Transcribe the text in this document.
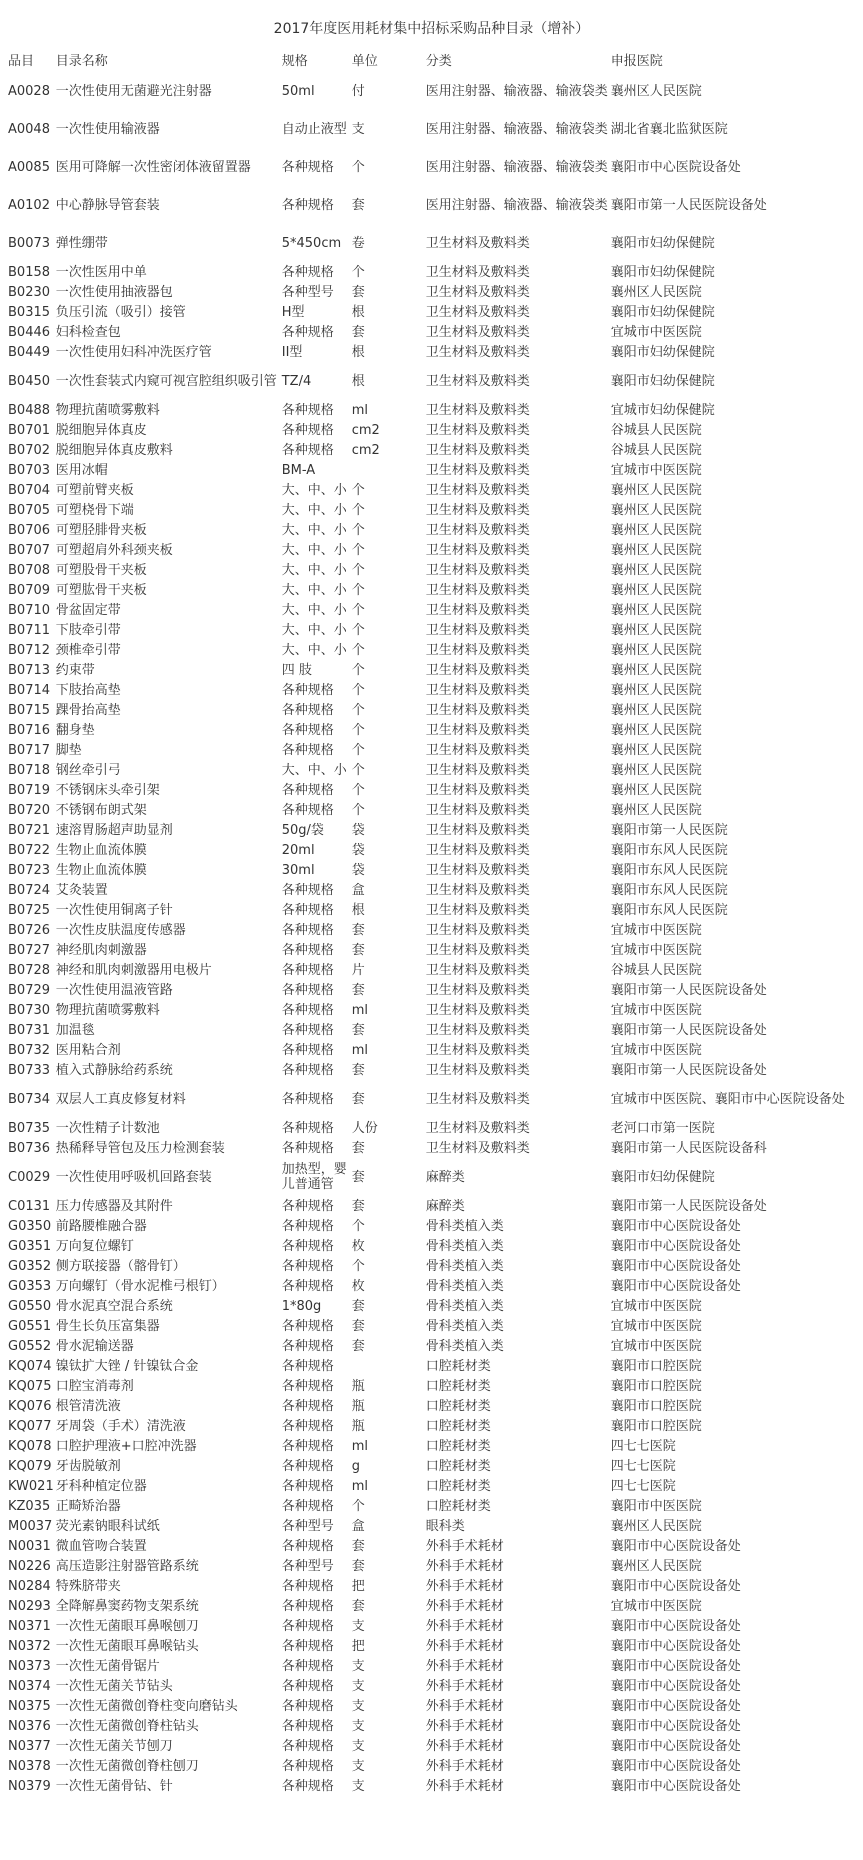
2017年度医用耗材集中招标采购品种目录（增补）
品目	目录名称	规格	单位	分类	申报医院
A0028	一次性使用无菌避光注射器	50ml	付	医用注射器、输液器、输液袋类	襄州区人民医院
A0048	一次性使用输液器	自动止液型	支	医用注射器、输液器、输液袋类	湖北省襄北监狱医院
A0085	医用可降解一次性密闭体液留置器	各种规格	个	医用注射器、输液器、输液袋类	襄阳市中心医院设备处
A0102	中心静脉导管套装	各种规格	套	医用注射器、输液器、输液袋类	襄阳市第一人民医院设备处
B0073	弹性绷带	5*450cm	卷	卫生材料及敷料类	襄阳市妇幼保健院
B0158	一次性医用中单	各种规格	个	卫生材料及敷料类	襄阳市妇幼保健院
B0230	一次性使用抽液器包	各种型号	套	卫生材料及敷料类	襄州区人民医院
B0315	负压引流（吸引）接管	H型	根	卫生材料及敷料类	襄阳市妇幼保健院
B0446	妇科检查包	各种规格	套	卫生材料及敷料类	宜城市中医医院
B0449	一次性使用妇科冲洗医疗管	II型	根	卫生材料及敷料类	襄阳市妇幼保健院
B0450	一次性套装式内窥可视宫腔组织吸引管	TZ/4	根	卫生材料及敷料类	襄阳市妇幼保健院
B0488	物理抗菌喷雾敷料	各种规格	ml	卫生材料及敷料类	宜城市妇幼保健院
B0701	脱细胞异体真皮	各种规格	cm2	卫生材料及敷料类	谷城县人民医院
B0702	脱细胞异体真皮敷料	各种规格	cm2	卫生材料及敷料类	谷城县人民医院
B0703	医用冰帽	BM-A		卫生材料及敷料类	宜城市中医医院
B0704	可塑前臂夹板	大、中、小	个	卫生材料及敷料类	襄州区人民医院
B0705	可塑桡骨下端	大、中、小	个	卫生材料及敷料类	襄州区人民医院
B0706	可塑胫腓骨夹板	大、中、小	个	卫生材料及敷料类	襄州区人民医院
B0707	可塑超肩外科颈夹板	大、中、小	个	卫生材料及敷料类	襄州区人民医院
B0708	可塑股骨干夹板	大、中、小	个	卫生材料及敷料类	襄州区人民医院
B0709	可塑肱骨干夹板	大、中、小	个	卫生材料及敷料类	襄州区人民医院
B0710	骨盆固定带	大、中、小	个	卫生材料及敷料类	襄州区人民医院
B0711	下肢牵引带	大、中、小	个	卫生材料及敷料类	襄州区人民医院
B0712	颈椎牵引带	大、中、小	个	卫生材料及敷料类	襄州区人民医院
B0713	约束带	四 肢	个	卫生材料及敷料类	襄州区人民医院
B0714	下肢抬高垫	各种规格	个	卫生材料及敷料类	襄州区人民医院
B0715	踝骨抬高垫	各种规格	个	卫生材料及敷料类	襄州区人民医院
B0716	翻身垫	各种规格	个	卫生材料及敷料类	襄州区人民医院
B0717	脚垫	各种规格	个	卫生材料及敷料类	襄州区人民医院
B0718	钢丝牵引弓	大、中、小	个	卫生材料及敷料类	襄州区人民医院
B0719	不锈钢床头牵引架	各种规格	个	卫生材料及敷料类	襄州区人民医院
B0720	不锈钢布朗式架	各种规格	个	卫生材料及敷料类	襄州区人民医院
B0721	速溶胃肠超声助显剂	50g/袋	袋	卫生材料及敷料类	襄阳市第一人民医院
B0722	生物止血流体膜	20ml	袋	卫生材料及敷料类	襄阳市东风人民医院
B0723	生物止血流体膜	30ml	袋	卫生材料及敷料类	襄阳市东风人民医院
B0724	艾灸装置	各种规格	盒	卫生材料及敷料类	襄阳市东风人民医院
B0725	一次性使用铜离子针	各种规格	根	卫生材料及敷料类	襄阳市东风人民医院
B0726	一次性皮肤温度传感器	各种规格	套	卫生材料及敷料类	宜城市中医医院
B0727	神经肌肉刺激器	各种规格	套	卫生材料及敷料类	宜城市中医医院
B0728	神经和肌肉刺激器用电极片	各种规格	片	卫生材料及敷料类	谷城县人民医院
B0729	一次性使用温液管路	各种规格	套	卫生材料及敷料类	襄阳市第一人民医院设备处
B0730	物理抗菌喷雾敷料	各种规格	ml	卫生材料及敷料类	宜城市中医医院
B0731	加温毯	各种规格	套	卫生材料及敷料类	襄阳市第一人民医院设备处
B0732	医用粘合剂	各种规格	ml	卫生材料及敷料类	宜城市中医医院
B0733	植入式静脉给药系统	各种规格	套	卫生材料及敷料类	襄阳市第一人民医院设备处
B0734	双层人工真皮修复材料	各种规格	套	卫生材料及敷料类	宜城市中医医院、襄阳市中心医院设备处
B0735	一次性精子计数池	各种规格	人份	卫生材料及敷料类	老河口市第一医院
B0736	热稀释导管包及压力检测套装	各种规格	套	卫生材料及敷料类	襄阳市第一人民医院设备科
C0029	一次性使用呼吸机回路套装	加热型，婴儿普通管	套	麻醉类	襄阳市妇幼保健院
C0131	压力传感器及其附件	各种规格	套	麻醉类	襄阳市第一人民医院设备处
G0350	前路腰椎融合器	各种规格	个	骨科类植入类	襄阳市中心医院设备处
G0351	万向复位螺钉	各种规格	枚	骨科类植入类	襄阳市中心医院设备处
G0352	侧方联接器（髂骨钉）	各种规格	个	骨科类植入类	襄阳市中心医院设备处
G0353	万向螺钉（骨水泥椎弓根钉）	各种规格	枚	骨科类植入类	襄阳市中心医院设备处
G0550	骨水泥真空混合系统	1*80g	套	骨科类植入类	宜城市中医医院
G0551	骨生长负压富集器	各种规格	套	骨科类植入类	宜城市中医医院
G0552	骨水泥输送器	各种规格	套	骨科类植入类	宜城市中医医院
KQ074	镍钛扩大锉 / 针镍钛合金	各种规格		口腔耗材类	襄阳市口腔医院
KQ075	口腔宝消毒剂	各种规格	瓶	口腔耗材类	襄阳市口腔医院
KQ076	根管清洗液	各种规格	瓶	口腔耗材类	襄阳市口腔医院
KQ077	牙周袋（手术）清洗液	各种规格	瓶	口腔耗材类	襄阳市口腔医院
KQ078	口腔护理液+口腔冲洗器	各种规格	ml	口腔耗材类	四七七医院
KQ079	牙齿脱敏剂	各种规格	g	口腔耗材类	四七七医院
KW021	牙科种植定位器	各种规格	ml	口腔耗材类	四七七医院
KZ035	正畸矫治器	各种规格	个	口腔耗材类	襄阳市中医医院
M0037	荧光素钠眼科试纸	各种型号	盒	眼科类	襄州区人民医院
N0031	微血管吻合装置	各种规格	套	外科手术耗材	襄阳市中心医院设备处
N0226	高压造影注射器管路系统	各种型号	套	外科手术耗材	襄州区人民医院
N0284	特殊脐带夹	各种规格	把	外科手术耗材	襄阳市中心医院设备处
N0293	全降解鼻窦药物支架系统	各种规格	套	外科手术耗材	宜城市中医医院
N0371	一次性无菌眼耳鼻喉刨刀	各种规格	支	外科手术耗材	襄阳市中心医院设备处
N0372	一次性无菌眼耳鼻喉钻头	各种规格	把	外科手术耗材	襄阳市中心医院设备处
N0373	一次性无菌骨锯片	各种规格	支	外科手术耗材	襄阳市中心医院设备处
N0374	一次性无菌关节钻头	各种规格	支	外科手术耗材	襄阳市中心医院设备处
N0375	一次性无菌微创脊柱变向磨钻头	各种规格	支	外科手术耗材	襄阳市中心医院设备处
N0376	一次性无菌微创脊柱钻头	各种规格	支	外科手术耗材	襄阳市中心医院设备处
N0377	一次性无菌关节刨刀	各种规格	支	外科手术耗材	襄阳市中心医院设备处
N0378	一次性无菌微创脊柱刨刀	各种规格	支	外科手术耗材	襄阳市中心医院设备处
N0379	一次性无菌骨钻、针	各种规格	支	外科手术耗材	襄阳市中心医院设备处
